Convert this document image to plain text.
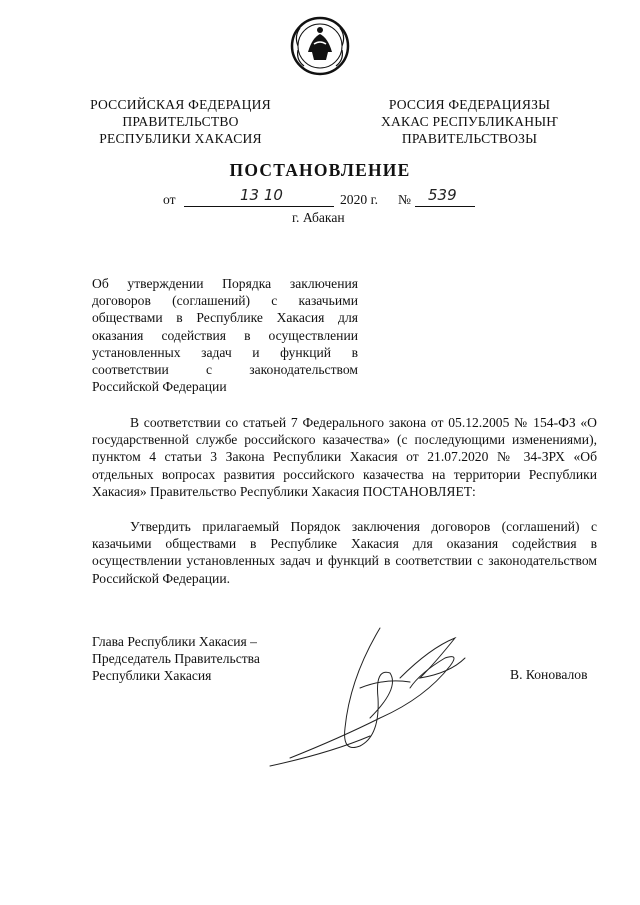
РОССИЙСКАЯ ФЕДЕРАЦИЯ
ПРАВИТЕЛЬСТВО
РЕСПУБЛИКИ ХАКАСИЯ
РОССИЯ ФЕДЕРАЦИЯЗЫ
ХАКАС РЕСПУБЛИКАНЫҤ
ПРАВИТЕЛЬСТВОЗЫ
ПОСТАНОВЛЕНИЕ
от	13 10	2020 г. № 539
г. Абакан
Об утверждении Порядка заключения договоров (соглашений) с казачьими обществами в Республике Хакасия для оказания содействия в осуществлении установленных задач и функций в соответствии с законодательством Российской Федерации
В соответствии со статьей 7 Федерального закона от 05.12.2005 № 154-ФЗ «О государственной службе российского казачества» (с последующими изменениями), пунктом 4 статьи 3 Закона Республики Хакасия от 21.07.2020 № 34-ЗРХ «Об отдельных вопросах развития российского казачества на территории Республики Хакасия» Правительство Республики Хакасия ПОСТАНОВЛЯЕТ:
Утвердить прилагаемый Порядок заключения договоров (соглашений) с казачьими обществами в Республике Хакасия для оказания содействия в осуществлении установленных задач и функций в соответствии с законодательством Российской Федерации.
Глава Республики Хакасия –
Председатель Правительства
Республики Хакасия	В. Коновалов
